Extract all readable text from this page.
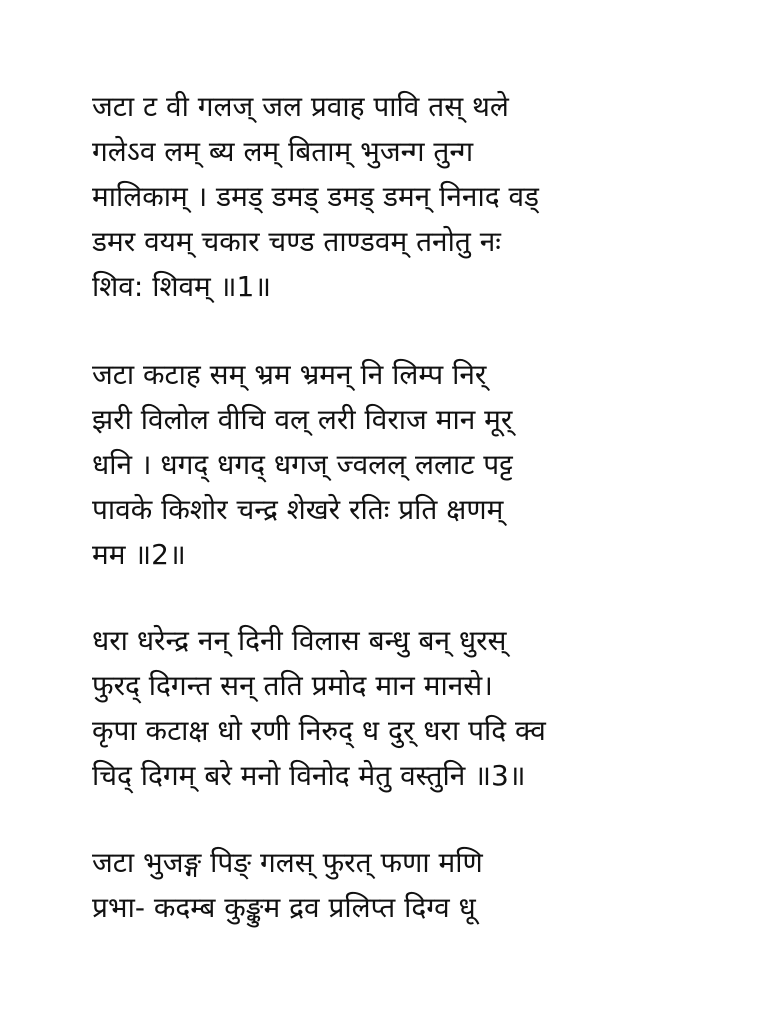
जटा ट वी गलज् जल प्रवाह पावि तस् थले
गलेऽव लम् ब्य लम् बिताम् भुजन्ग तुन्ग
मालिकाम् । डमड् डमड् डमड् डमन् निनाद वड्
डमर वयम् चकार चण्ड ताण्डवम् तनोतु नः
शिव: शिवम् ॥1॥
जटा कटाह सम् भ्रम भ्रमन् नि लिम्प निर्
झरी विलोल वीचि वल् लरी विराज मान मूर्
धनि । धगद् धगद् धगज् ज्वलल् ललाट पट्ट
पावके किशोर चन्द्र शेखरे रतिः प्रति क्षणम्
मम ॥2॥
धरा धरेन्द्र नन् दिनी विलास बन्धु बन् धुरस्
फुरद् दिगन्त सन् तति प्रमोद मान मानसे।
कृपा कटाक्ष धो रणी निरुद् ध दुर् धरा पदि क्व
चिद् दिगम् बरे मनो विनोद मेतु वस्तुनि ॥3॥
जटा भुजङ्ग पिङ् गलस् फुरत् फणा मणि
प्रभा- कदम्ब कुङ्कुम द्रव प्रलिप्त दिग्व धू
